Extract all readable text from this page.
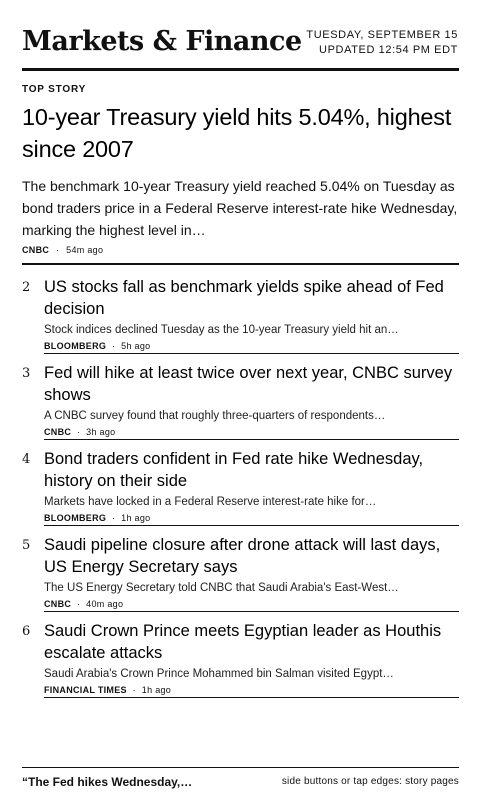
Markets & Finance TUESDAY, SEPTEMBER 15
UPDATED 12:54 PM EDT
TOP STORY
10-year Treasury yield hits 5.04%, highest since 2007
The benchmark 10-year Treasury yield reached 5.04% on Tuesday as bond traders price in a Federal Reserve interest-rate hike Wednesday, marking the highest level in…
CNBC · 54m ago
2 US stocks fall as benchmark yields spike ahead of Fed decision
Stock indices declined Tuesday as the 10-year Treasury yield hit an…
BLOOMBERG · 5h ago
3 Fed will hike at least twice over next year, CNBC survey shows
A CNBC survey found that roughly three-quarters of respondents…
CNBC · 3h ago
4 Bond traders confident in Fed rate hike Wednesday, history on their side
Markets have locked in a Federal Reserve interest-rate hike for…
BLOOMBERG · 1h ago
5 Saudi pipeline closure after drone attack will last days, US Energy Secretary says
The US Energy Secretary told CNBC that Saudi Arabia's East-West…
CNBC · 40m ago
6 Saudi Crown Prince meets Egyptian leader as Houthis escalate attacks
Saudi Arabia's Crown Prince Mohammed bin Salman visited Egypt…
FINANCIAL TIMES · 1h ago
“The Fed hikes Wednesday,…	side buttons or tap edges: story pages
